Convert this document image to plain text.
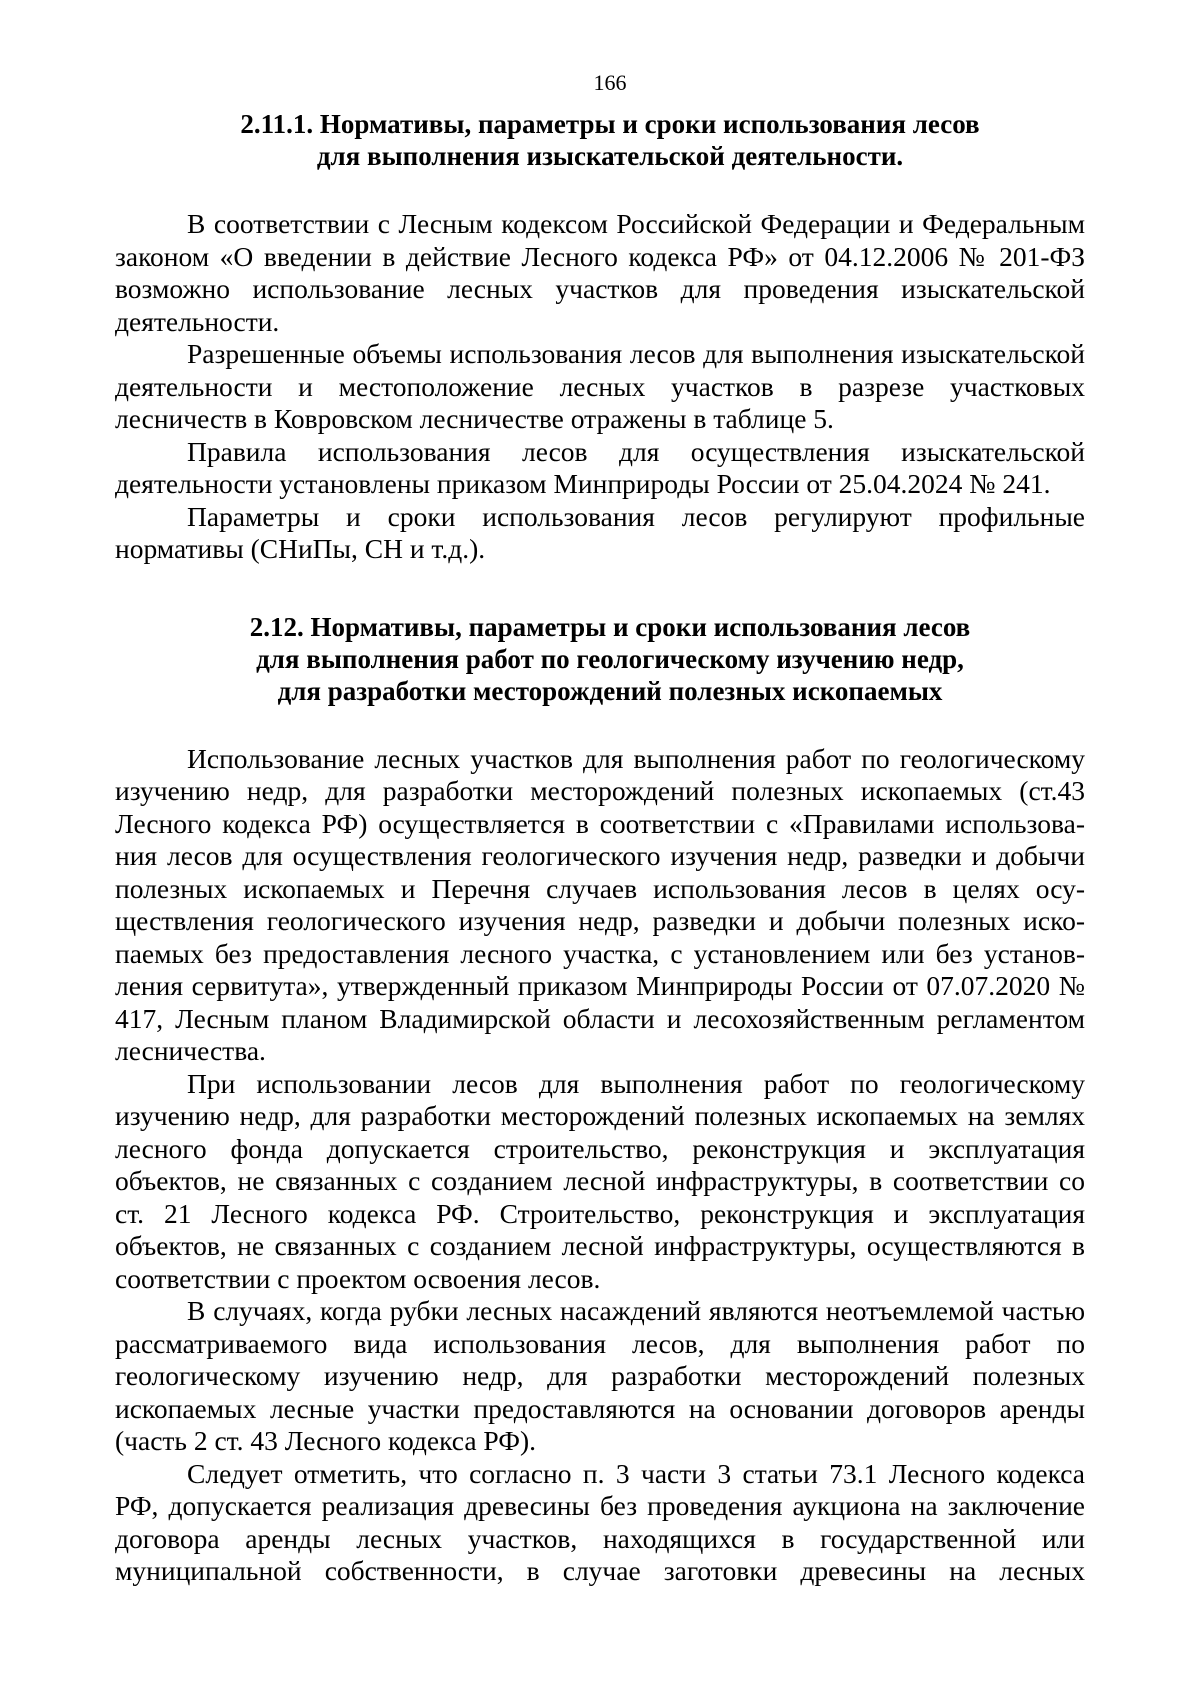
166
2.11.1. Нормативы, параметры и сроки использования лесов
для выполнения изыскательской деятельности.

В соответствии с Лесным кодексом Российской Федерации и Федеральным законом «О введении в действие Лесного кодекса РФ» от 04.12.2006 № 201-ФЗ возможно использование лесных участков для проведения изыскательской деятельности.

Разрешенные объемы использования лесов для выполнения изыскательской деятельности и местоположение лесных участков в разрезе участковых лесничеств в Ковровском лесничестве отражены в таблице 5.

Правила использования лесов для осуществления изыскательской деятельности установлены приказом Минприроды России от 25.04.2024 № 241.

Параметры и сроки использования лесов регулируют профильные нормативы (СНиПы, СН и т.д.).

2.12. Нормативы, параметры и сроки использования лесов
для выполнения работ по геологическому изучению недр,
для разработки месторождений полезных ископаемых

Использование лесных участков для выполнения работ по геологическому изучению недр, для разработки месторождений полезных ископаемых (ст.43 Лесного кодекса РФ) осуществляется в соответствии с «Правилами использования лесов для осуществления геологического изучения недр, разведки и добычи полезных ископаемых и Перечня случаев использования лесов в целях осуществления геологического изучения недр, разведки и добычи полезных ископаемых без предоставления лесного участка, с установлением или без установления сервитута», утвержденный приказом Минприроды России от 07.07.2020 № 417, Лесным планом Владимирской области и лесохозяйственным регламентом лесничества.

При использовании лесов для выполнения работ по геологическому изучению недр, для разработки месторождений полезных ископаемых на землях лесного фонда допускается строительство, реконструкция и эксплуатация объектов, не связанных с созданием лесной инфраструктуры, в соответствии со ст. 21 Лесного кодекса РФ. Строительство, реконструкция и эксплуатация объектов, не связанных с созданием лесной инфраструктуры, осуществляются в соответствии с проектом освоения лесов.

В случаях, когда рубки лесных насаждений являются неотъемлемой частью рассматриваемого вида использования лесов, для выполнения работ по геологическому изучению недр, для разработки месторождений полезных ископаемых лесные участки предоставляются на основании договоров аренды (часть 2 ст. 43 Лесного кодекса РФ).

Следует отметить, что согласно п. 3 части 3 статьи 73.1 Лесного кодекса РФ, допускается реализация древесины без проведения аукциона на заключение договора аренды лесных участков, находящихся в государственной или муниципальной собственности, в случае заготовки древесины на лесных
